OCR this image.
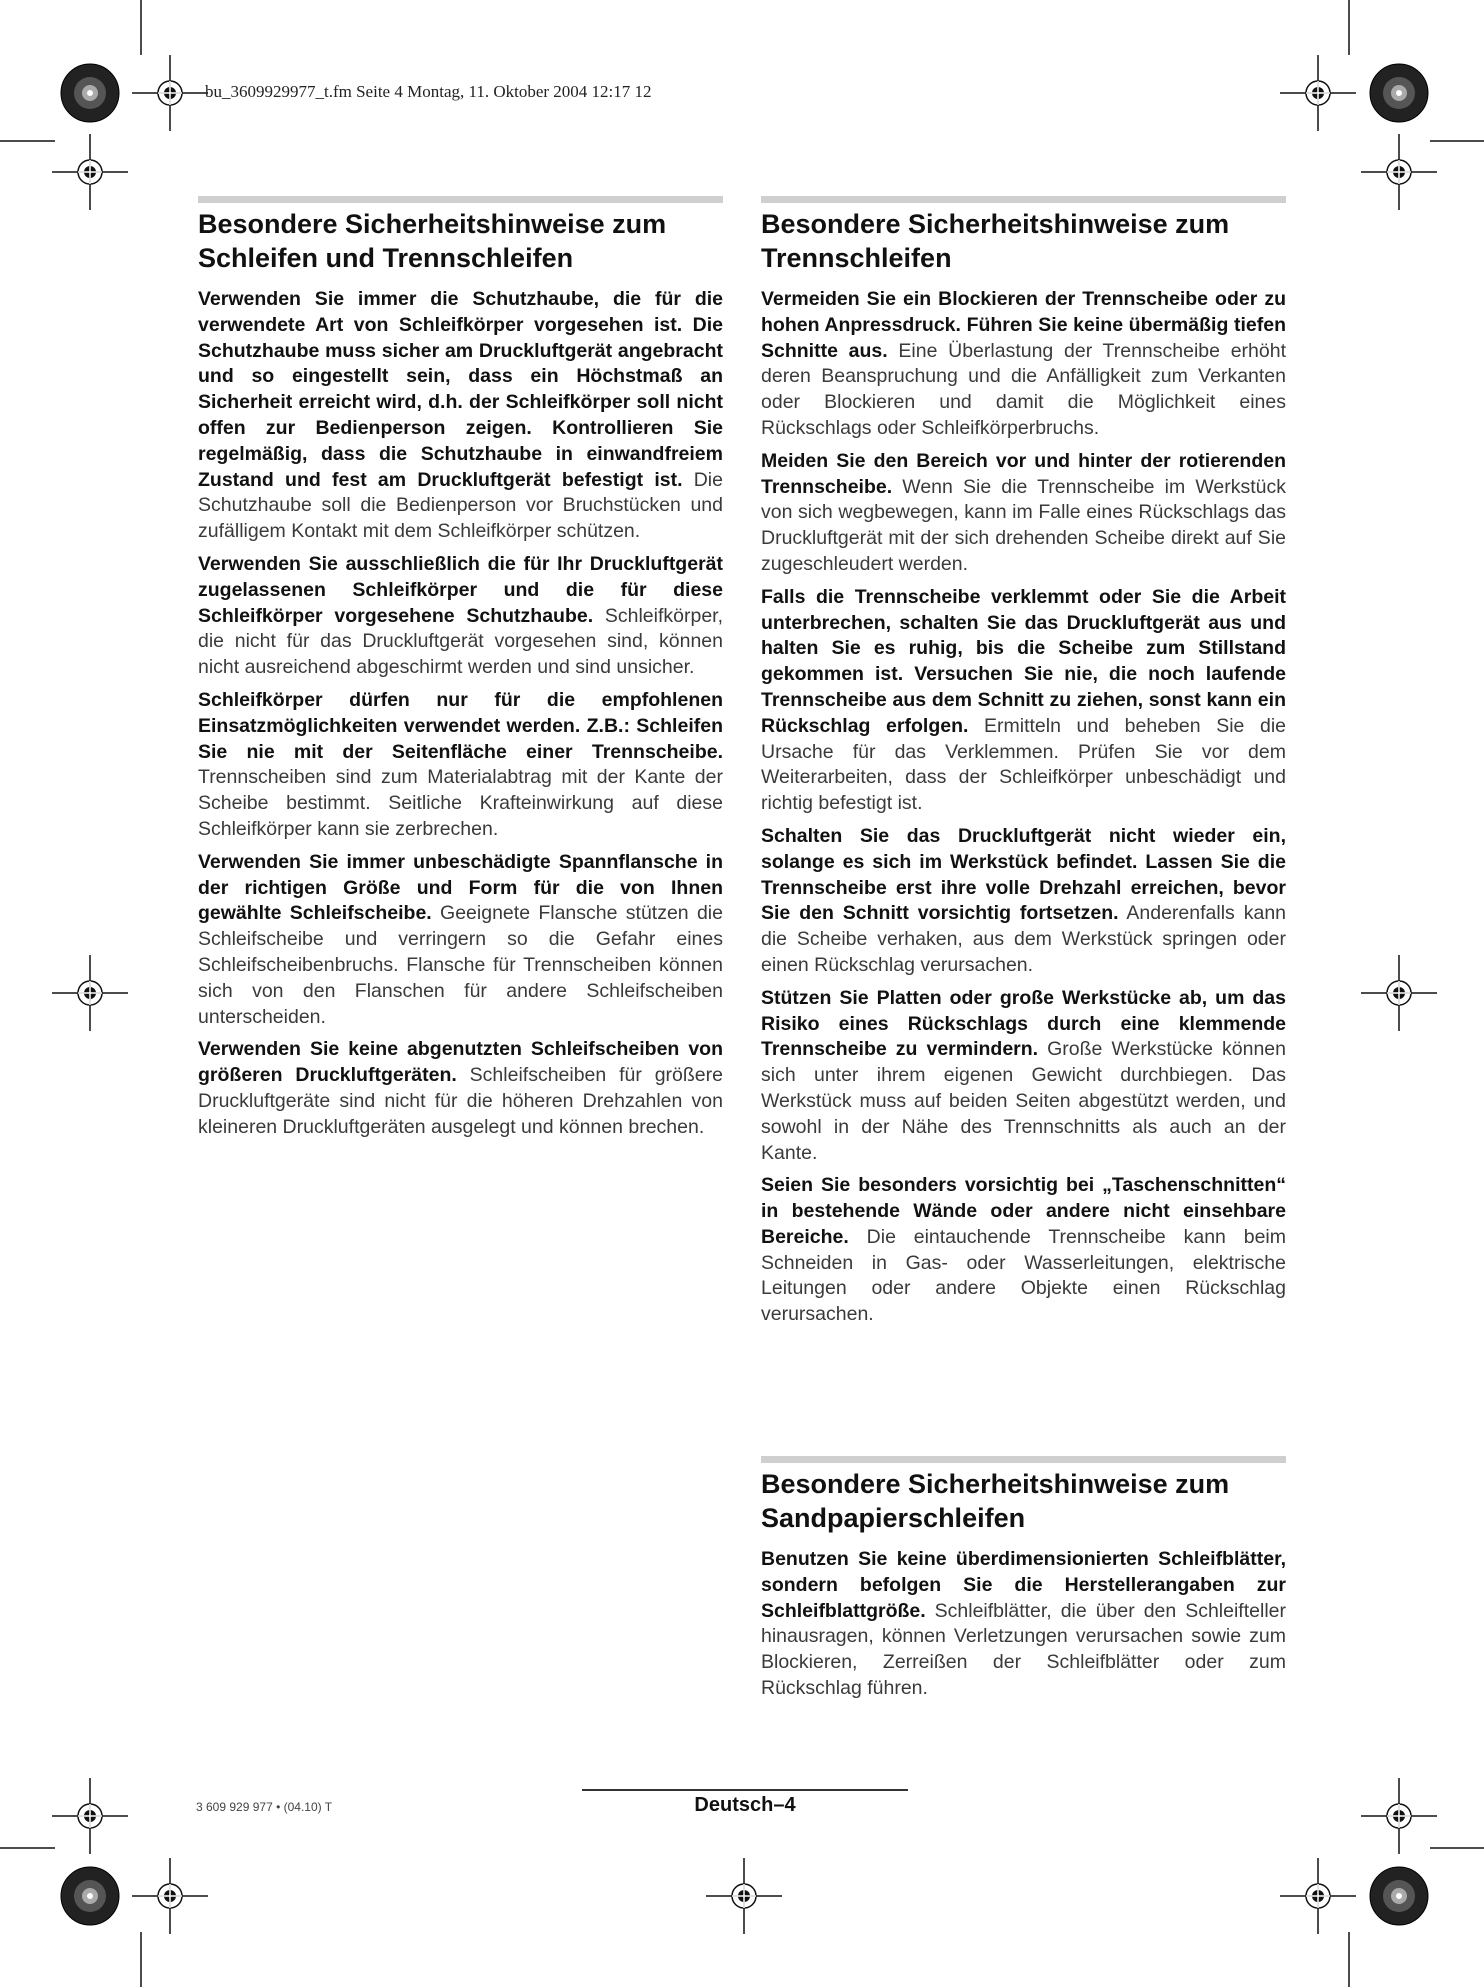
bu_3609929977_t.fm Seite 4 Montag, 11. Oktober 2004 12:17 12
Besondere Sicherheitshinweise zum Schleifen und Trennschleifen

Verwenden Sie immer die Schutzhaube, die für die verwendete Art von Schleifkörper vorgesehen ist. Die Schutzhaube muss sicher am Druckluftgerät angebracht und so eingestellt sein, dass ein Höchstmaß an Sicherheit erreicht wird, d.h. der Schleifkörper soll nicht offen zur Bedienperson zeigen. Kontrollieren Sie regelmäßig, dass die Schutzhaube in einwandfreiem Zustand und fest am Druckluftgerät befestigt ist. Die Schutzhaube soll die Bedienperson vor Bruchstücken und zufälligem Kontakt mit dem Schleifkörper schützen.

Verwenden Sie ausschließlich die für Ihr Druckluftgerät zugelassenen Schleifkörper und die für diese Schleifkörper vorgesehene Schutzhaube. Schleifkörper, die nicht für das Druckluftgerät vorgesehen sind, können nicht ausreichend abgeschirmt werden und sind unsicher.

Schleifkörper dürfen nur für die empfohlenen Einsatzmöglichkeiten verwendet werden. Z.B.: Schleifen Sie nie mit der Seitenfläche einer Trennscheibe. Trennscheiben sind zum Materialabtrag mit der Kante der Scheibe bestimmt. Seitliche Krafteinwirkung auf diese Schleifkörper kann sie zerbrechen.

Verwenden Sie immer unbeschädigte Spannflansche in der richtigen Größe und Form für die von Ihnen gewählte Schleifscheibe. Geeignete Flansche stützen die Schleifscheibe und verringern so die Gefahr eines Schleifscheibenbruchs. Flansche für Trennscheiben können sich von den Flanschen für andere Schleifscheiben unterscheiden.

Verwenden Sie keine abgenutzten Schleifscheiben von größeren Druckluftgeräten. Schleifscheiben für größere Druckluftgeräte sind nicht für die höheren Drehzahlen von kleineren Druckluftgeräten ausgelegt und können brechen.

Besondere Sicherheitshinweise zum Trennschleifen

Vermeiden Sie ein Blockieren der Trennscheibe oder zu hohen Anpressdruck. Führen Sie keine übermäßig tiefen Schnitte aus. Eine Überlastung der Trennscheibe erhöht deren Beanspruchung und die Anfälligkeit zum Verkanten oder Blockieren und damit die Möglichkeit eines Rückschlags oder Schleifkörperbruchs.

Meiden Sie den Bereich vor und hinter der rotierenden Trennscheibe. Wenn Sie die Trennscheibe im Werkstück von sich wegbewegen, kann im Falle eines Rückschlags das Druckluftgerät mit der sich drehenden Scheibe direkt auf Sie zugeschleudert werden.

Falls die Trennscheibe verklemmt oder Sie die Arbeit unterbrechen, schalten Sie das Druckluftgerät aus und halten Sie es ruhig, bis die Scheibe zum Stillstand gekommen ist. Versuchen Sie nie, die noch laufende Trennscheibe aus dem Schnitt zu ziehen, sonst kann ein Rückschlag erfolgen. Ermitteln und beheben Sie die Ursache für das Verklemmen. Prüfen Sie vor dem Weiterarbeiten, dass der Schleifkörper unbeschädigt und richtig befestigt ist.

Schalten Sie das Druckluftgerät nicht wieder ein, solange es sich im Werkstück befindet. Lassen Sie die Trennscheibe erst ihre volle Drehzahl erreichen, bevor Sie den Schnitt vorsichtig fortsetzen. Anderenfalls kann die Scheibe verhaken, aus dem Werkstück springen oder einen Rückschlag verursachen.

Stützen Sie Platten oder große Werkstücke ab, um das Risiko eines Rückschlags durch eine klemmende Trennscheibe zu vermindern. Große Werkstücke können sich unter ihrem eigenen Gewicht durchbiegen. Das Werkstück muss auf beiden Seiten abgestützt werden, und sowohl in der Nähe des Trennschnitts als auch an der Kante.

Seien Sie besonders vorsichtig bei „Taschenschnitten“ in bestehende Wände oder andere nicht einsehbare Bereiche. Die eintauchende Trennscheibe kann beim Schneiden in Gas- oder Wasserleitungen, elektrische Leitungen oder andere Objekte einen Rückschlag verursachen.

Besondere Sicherheitshinweise zum Sandpapierschleifen

Benutzen Sie keine überdimensionierten Schleifblätter, sondern befolgen Sie die Herstellerangaben zur Schleifblattgröße. Schleifblätter, die über den Schleifteller hinausragen, können Verletzungen verursachen sowie zum Blockieren, Zerreißen der Schleifblätter oder zum Rückschlag führen.

3 609 929 977 • (04.10) T	Deutsch–4
